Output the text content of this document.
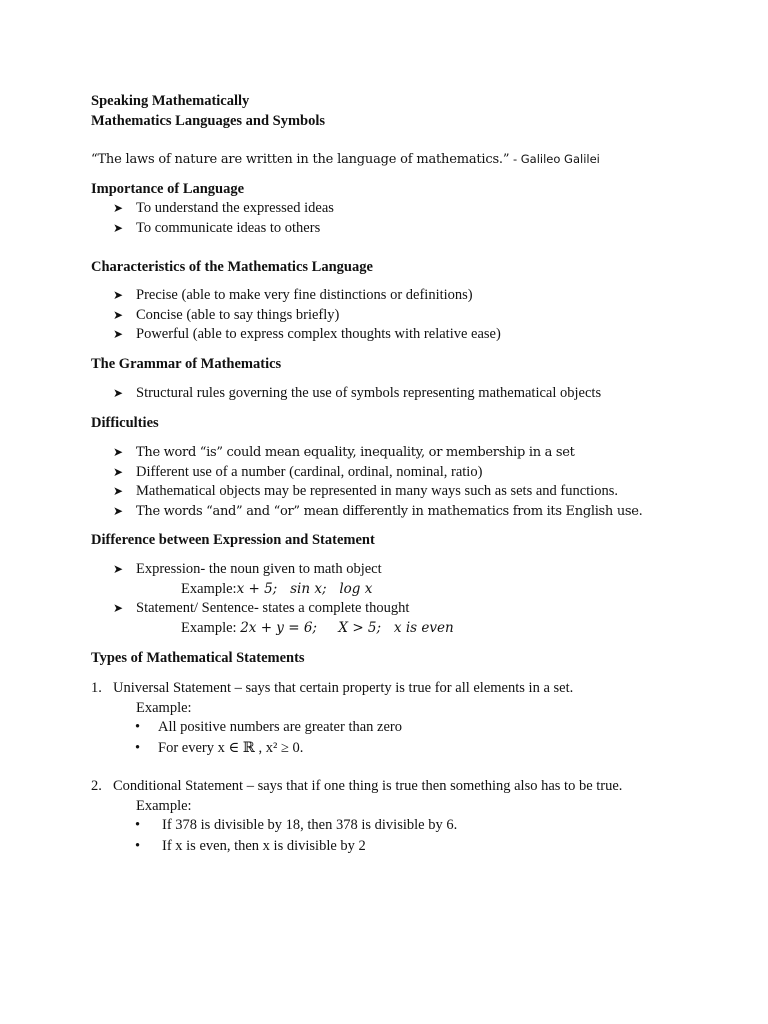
Speaking Mathematically
Mathematics Languages and Symbols
“The laws of nature are written in the language of mathematics.” - Galileo Galilei
Importance of Language
➤ To understand the expressed ideas
➤ To communicate ideas to others
Characteristics of the Mathematics Language
➤ Precise (able to make very fine distinctions or definitions)
➤ Concise (able to say things briefly)
➤ Powerful (able to express complex thoughts with relative ease)
The Grammar of Mathematics
➤ Structural rules governing the use of symbols representing mathematical objects
Difficulties
➤ The word “is” could mean equality, inequality, or membership in a set
➤ Different use of a number (cardinal, ordinal, nominal, ratio)
➤ Mathematical objects may be represented in many ways such as sets and functions.
➤ The words “and” and “or” mean differently in mathematics from its English use.
Difference between Expression and Statement
➤ Expression- the noun given to math object
Example:x + 5;   sin x;   log x
➤ Statement/ Sentence- states a complete thought
Example: 2x + y = 6;     X > 5;   x is even
Types of Mathematical Statements
1. Universal Statement – says that certain property is true for all elements in a set.
Example:
• All positive numbers are greater than zero
• For every x ∈ ℝ , x² ≥ 0.
2. Conditional Statement – says that if one thing is true then something also has to be true.
Example:
• If 378 is divisible by 18, then 378 is divisible by 6.
• If x is even, then x is divisible by 2
